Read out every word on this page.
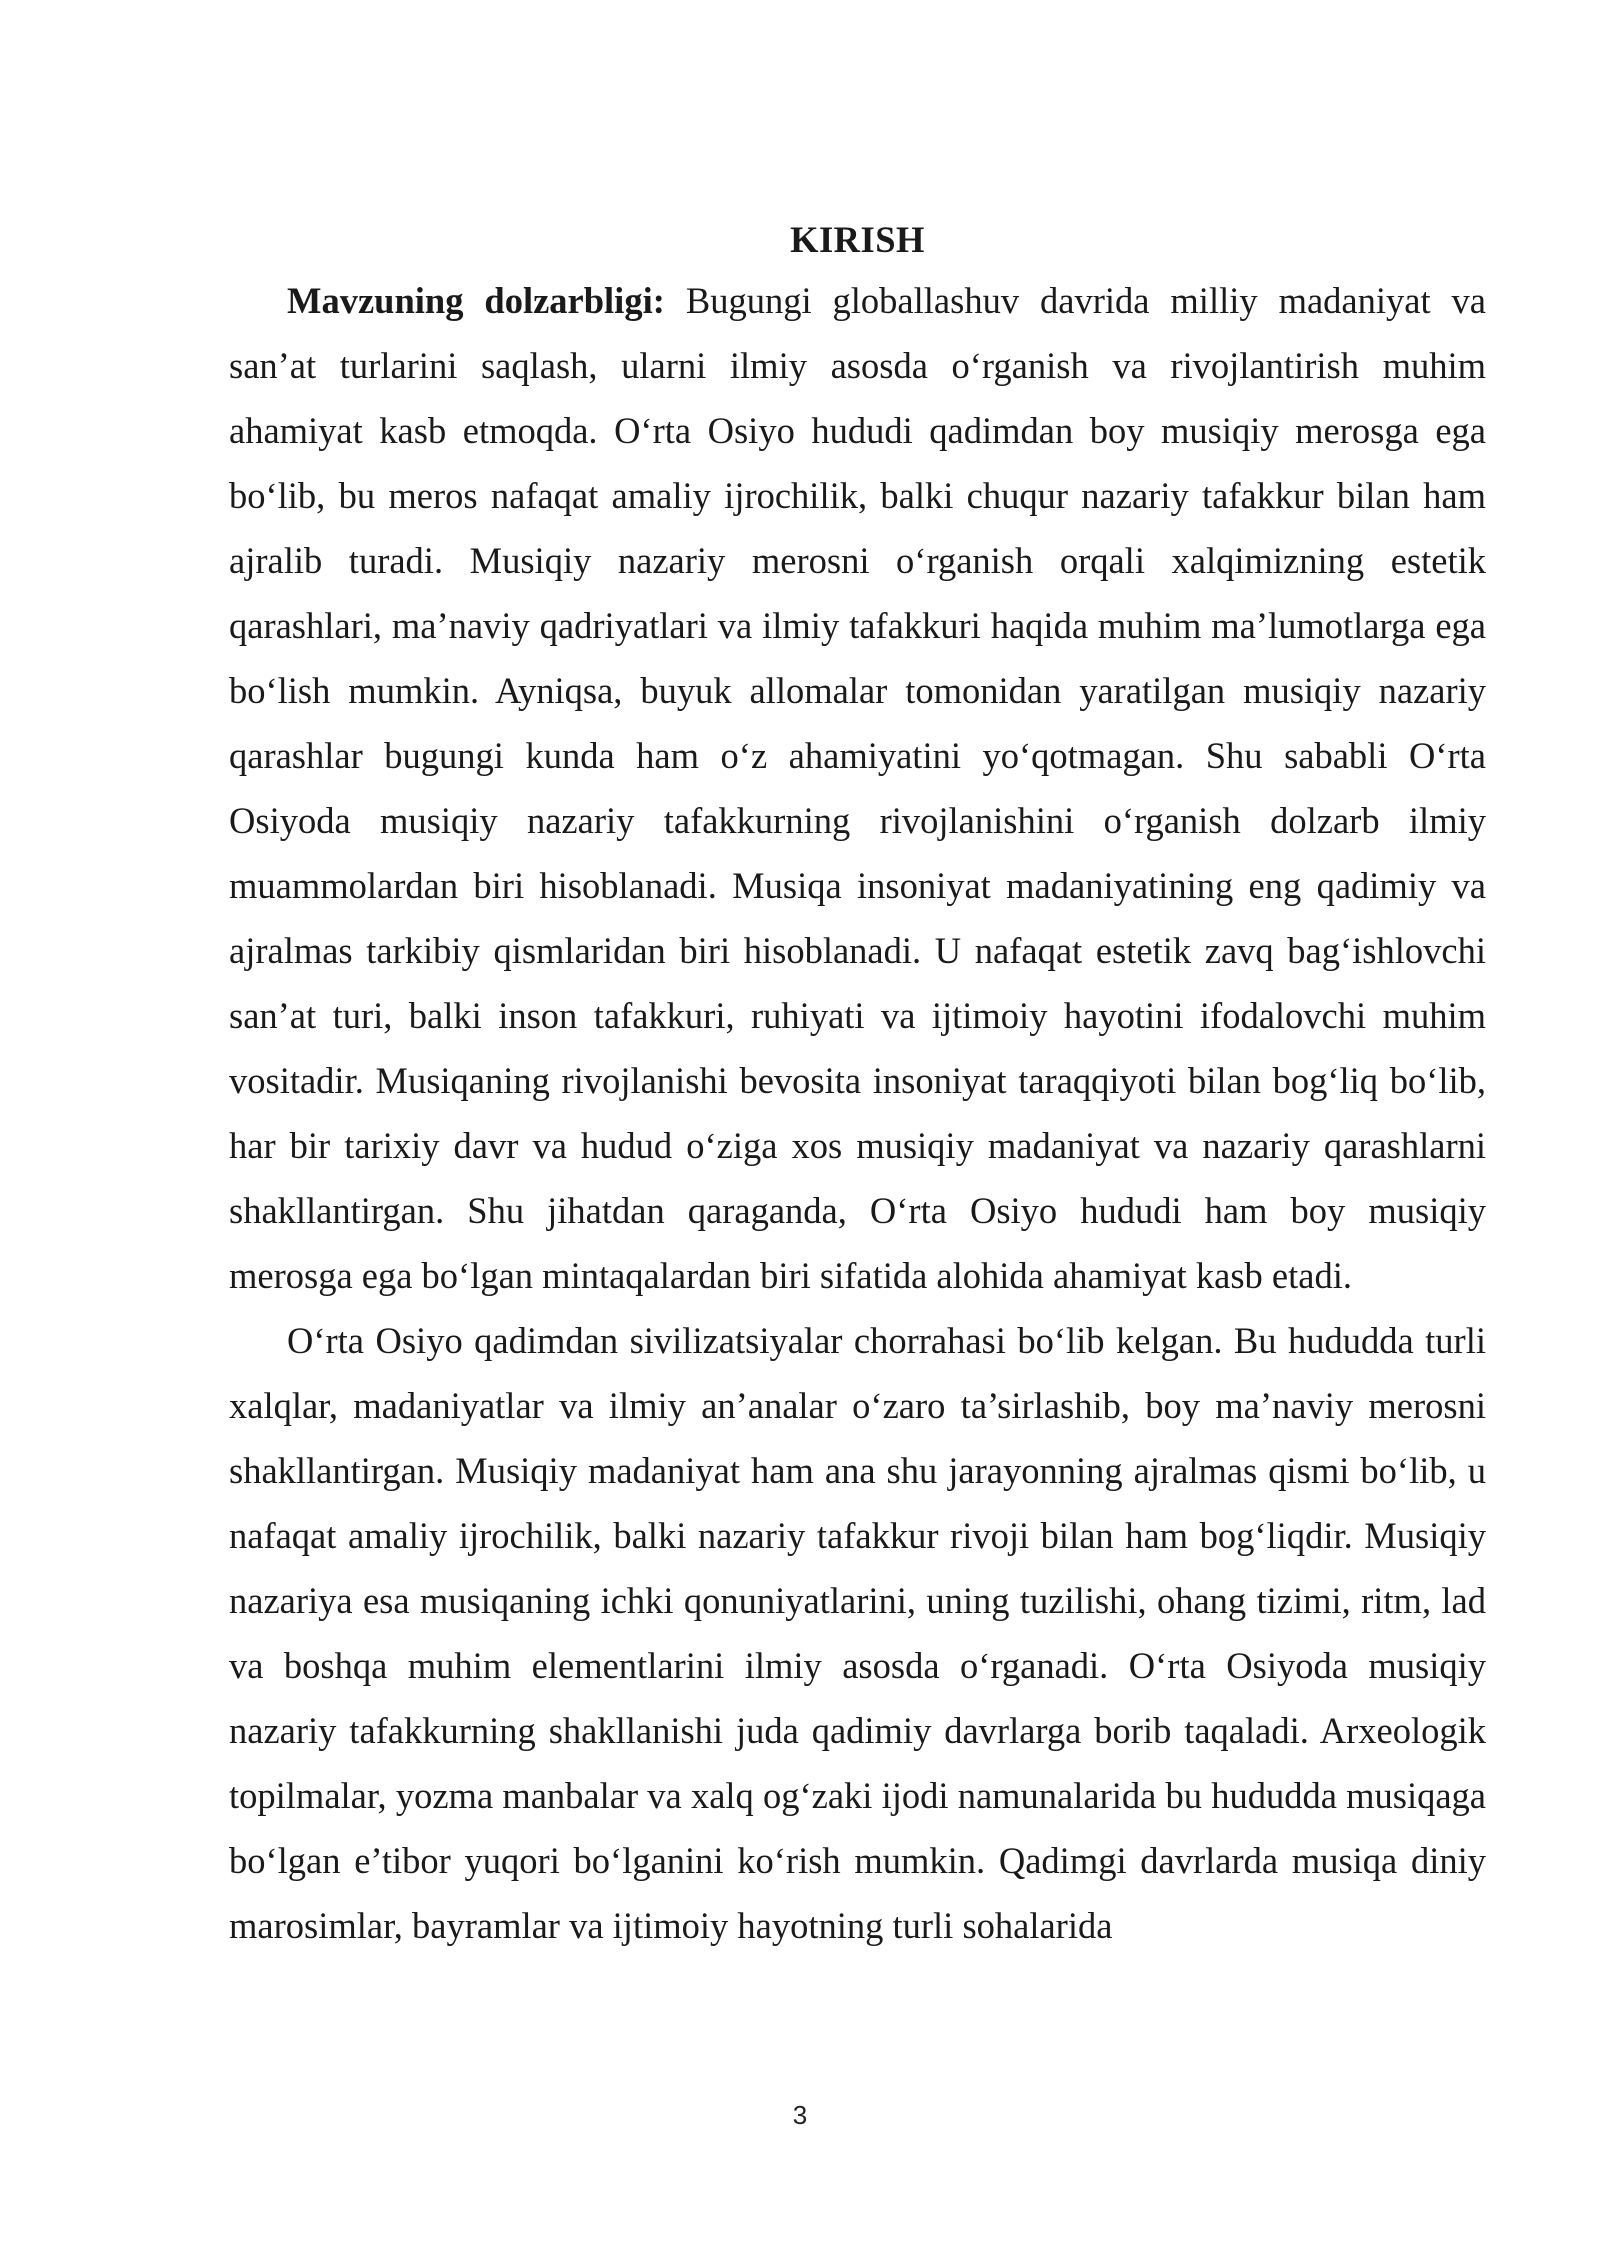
KIRISH

Mavzuning dolzarbligi: Bugungi globallashuv davrida milliy madaniyat va san’at turlarini saqlash, ularni ilmiy asosda o‘rganish va rivojlantirish muhim ahamiyat kasb etmoqda. O‘rta Osiyo hududi qadimdan boy musiqiy merosga ega bo‘lib, bu meros nafaqat amaliy ijrochilik, balki chuqur nazariy tafakkur bilan ham ajralib turadi. Musiqiy nazariy merosni o‘rganish orqali xalqimizning estetik qarashlari, ma’naviy qadriyatlari va ilmiy tafakkuri haqida muhim ma’lumotlarga ega bo‘lish mumkin. Ayniqsa, buyuk allomalar tomonidan yaratilgan musiqiy nazariy qarashlar bugungi kunda ham o‘z ahamiyatini yo‘qotmagan. Shu sababli O‘rta Osiyoda musiqiy nazariy tafakkurning rivojlanishini o‘rganish dolzarb ilmiy muammolardan biri hisoblanadi. Musiqa insoniyat madaniyatining eng qadimiy va ajralmas tarkibiy qismlaridan biri hisoblanadi. U nafaqat estetik zavq bag‘ishlovchi san’at turi, balki inson tafakkuri, ruhiyati va ijtimoiy hayotini ifodalovchi muhim vositadir. Musiqaning rivojlanishi bevosita insoniyat taraqqiyoti bilan bog‘liq bo‘lib, har bir tarixiy davr va hudud o‘ziga xos musiqiy madaniyat va nazariy qarashlarni shakllantirgan. Shu jihatdan qaraganda, O‘rta Osiyo hududi ham boy musiqiy merosga ega bo‘lgan mintaqalardan biri sifatida alohida ahamiyat kasb etadi.

O‘rta Osiyo qadimdan sivilizatsiyalar chorrahasi bo‘lib kelgan. Bu hududda turli xalqlar, madaniyatlar va ilmiy an’analar o‘zaro ta’sirlashib, boy ma’naviy merosni shakllantirgan. Musiqiy madaniyat ham ana shu jarayonning ajralmas qismi bo‘lib, u nafaqat amaliy ijrochilik, balki nazariy tafakkur rivoji bilan ham bog‘liqdir. Musiqiy nazariya esa musiqaning ichki qonuniyatlarini, uning tuzilishi, ohang tizimi, ritm, lad va boshqa muhim elementlarini ilmiy asosda o‘rganadi. O‘rta Osiyoda musiqiy nazariy tafakkurning shakllanishi juda qadimiy davrlarga borib taqaladi. Arxeologik topilmalar, yozma manbalar va xalq og‘zaki ijodi namunalarida bu hududda musiqaga bo‘lgan e’tibor yuqori bo‘lganini ko‘rish mumkin. Qadimgi davrlarda musiqa diniy marosimlar, bayramlar va ijtimoiy hayotning turli sohalarida

3
